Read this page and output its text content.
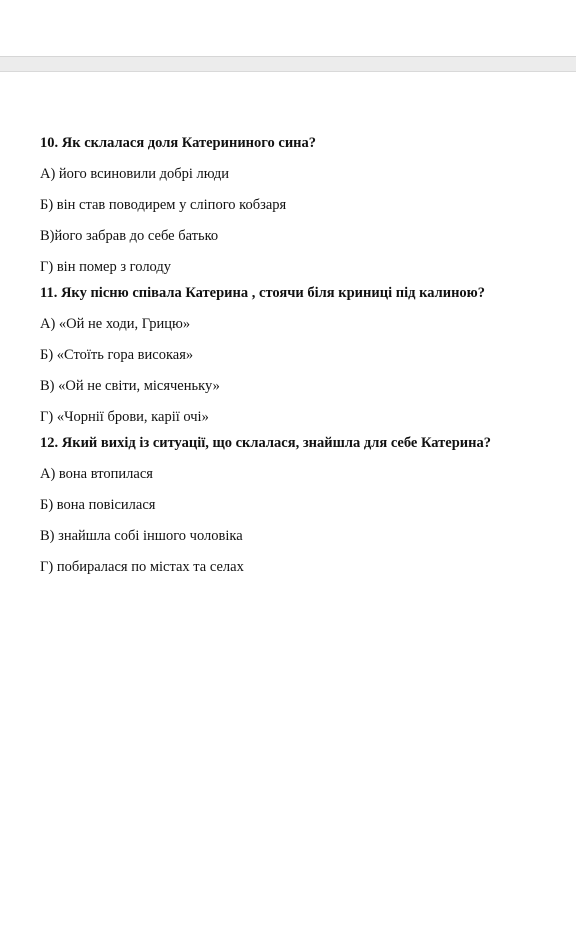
10. Як склалася доля Катерининого сина?
А) його всиновили добрі люди
Б) він став поводирем у сліпого кобзаря
В)його забрав до себе батько
Г) він помер з голоду
11. Яку пісню співала Катерина , стоячи біля криниці під калиною?
А) «Ой не ходи, Грицю»
Б) «Стоїть гора високая»
В) «Ой не світи, місяченьку»
Г) «Чорнії брови, карії очі»
12. Який вихід із ситуації, що склалася, знайшла для себе Катерина?
А) вона втопилася
Б) вона повісилася
В) знайшла собі іншого чоловіка
Г) побиралася по містах та селах
